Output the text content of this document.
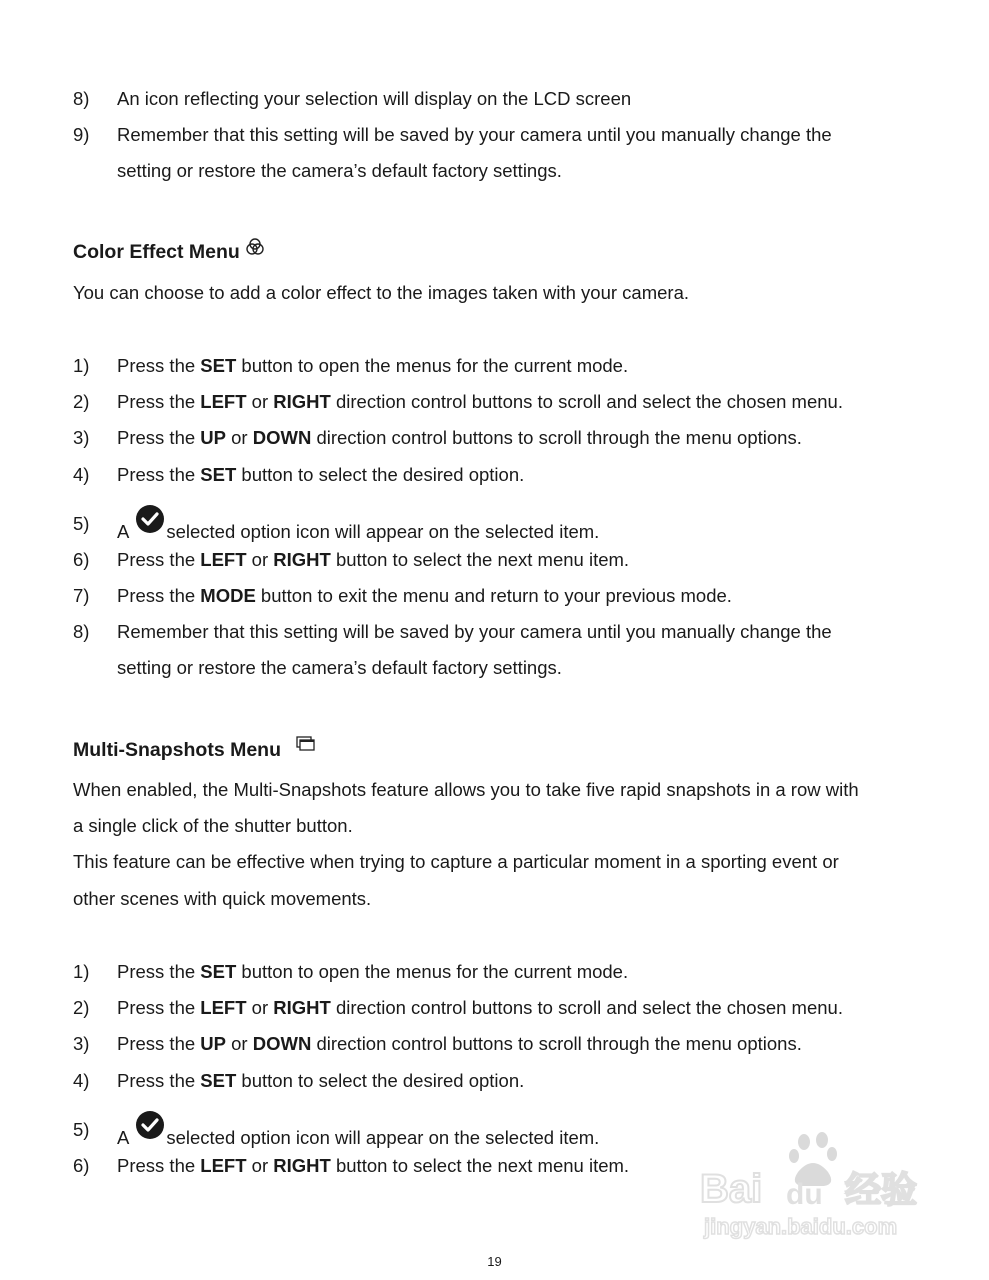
8) An icon reflecting your selection will display on the LCD screen
9) Remember that this setting will be saved by your camera until you manually change the
setting or restore the camera’s default factory settings.
Color Effect Menu
You can choose to add a color effect to the images taken with your camera.
1) Press the SET button to open the menus for the current mode.
2) Press the LEFT or RIGHT direction control buttons to scroll and select the chosen menu.
3) Press the UP or DOWN direction control buttons to scroll through the menu options.
4) Press the SET button to select the desired option.
5) A selected option icon will appear on the selected item.
6) Press the LEFT or RIGHT button to select the next menu item.
7) Press the MODE button to exit the menu and return to your previous mode.
8) Remember that this setting will be saved by your camera until you manually change the
setting or restore the camera’s default factory settings.
Multi-Snapshots Menu
When enabled, the Multi-Snapshots feature allows you to take five rapid snapshots in a row with
a single click of the shutter button.
This feature can be effective when trying to capture a particular moment in a sporting event or
other scenes with quick movements.
1) Press the SET button to open the menus for the current mode.
2) Press the LEFT or RIGHT direction control buttons to scroll and select the chosen menu.
3) Press the UP or DOWN direction control buttons to scroll through the menu options.
4) Press the SET button to select the desired option.
5) A selected option icon will appear on the selected item.
6) Press the LEFT or RIGHT button to select the next menu item.
Bai du 经验
jingyan.baidu.com
19
